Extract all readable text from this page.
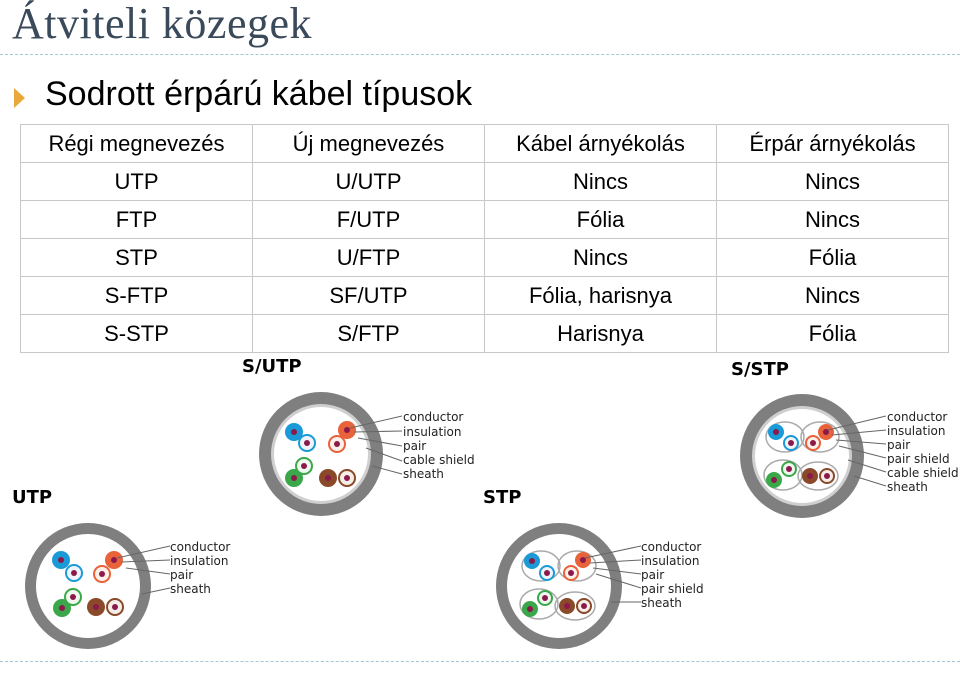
Átviteli közegek
Sodrott érpárú kábel típusok
Régi megnevezés	Új megnevezés	Kábel árnyékolás	Érpár árnyékolás
UTP	U/UTP	Nincs	Nincs
FTP	F/UTP	Fólia	Nincs
STP	U/FTP	Nincs	Fólia
S-FTP	SF/UTP	Fólia, harisnya	Nincs
S-STP	S/FTP	Harisnya	Fólia
S/UTP
conductor
insulation
pair
cable shield
sheath
S/STP
conductor
insulation
pair
pair shield
cable shield
sheath
UTP
conductor
insulation
pair
sheath
STP
conductor
insulation
pair
pair shield
sheath
